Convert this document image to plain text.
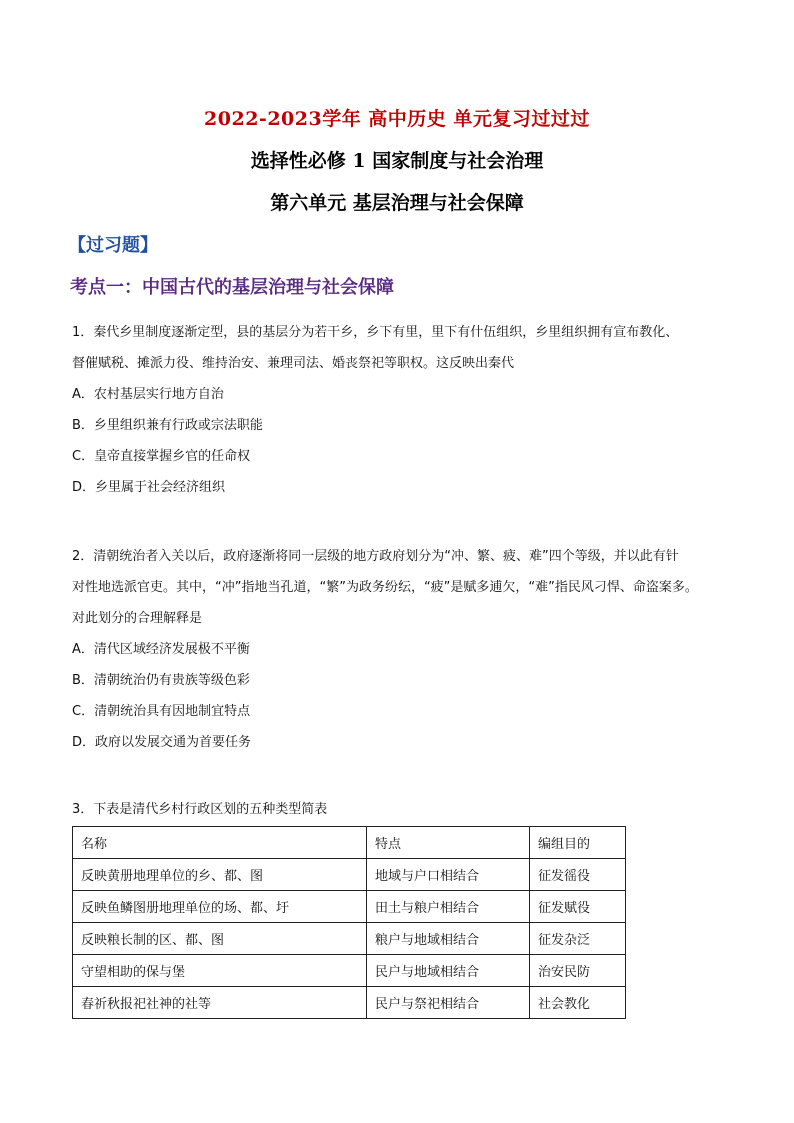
2022-2023学年 高中历史 单元复习过过过
选择性必修 1 国家制度与社会治理
第六单元 基层治理与社会保障
【过习题】
考点一：中国古代的基层治理与社会保障

1．秦代乡里制度逐渐定型，县的基层分为若干乡，乡下有里，里下有什伍组织，乡里组织拥有宣布教化、

督催赋税、摊派力役、维持治安、兼理司法、婚丧祭祀等职权。这反映出秦代

A．农村基层实行地方自治

B．乡里组织兼有行政或宗法职能

C．皇帝直接掌握乡官的任命权

D．乡里属于社会经济组织

2．清朝统治者入关以后，政府逐渐将同一层级的地方政府划分为“冲、繁、疲、难”四个等级，并以此有针

对性地选派官吏。其中，“冲”指地当孔道，“繁”为政务纷纭，“疲”是赋多逋欠，“难”指民风刁悍、命盗案多。

对此划分的合理解释是

A．清代区域经济发展极不平衡

B．清朝统治仍有贵族等级色彩

C．清朝统治具有因地制宜特点

D．政府以发展交通为首要任务

3．下表是清代乡村行政区划的五种类型简表

名称	特点	编组目的
反映黄册地理单位的乡、都、图	地域与户口相结合	征发徭役
反映鱼鳞图册地理单位的场、都、圩	田土与粮户相结合	征发赋役
反映粮长制的区、都、图	粮户与地域相结合	征发杂泛
守望相助的保与堡	民户与地域相结合	治安民防
春祈秋报祀社神的社等	民户与祭祀相结合	社会教化
